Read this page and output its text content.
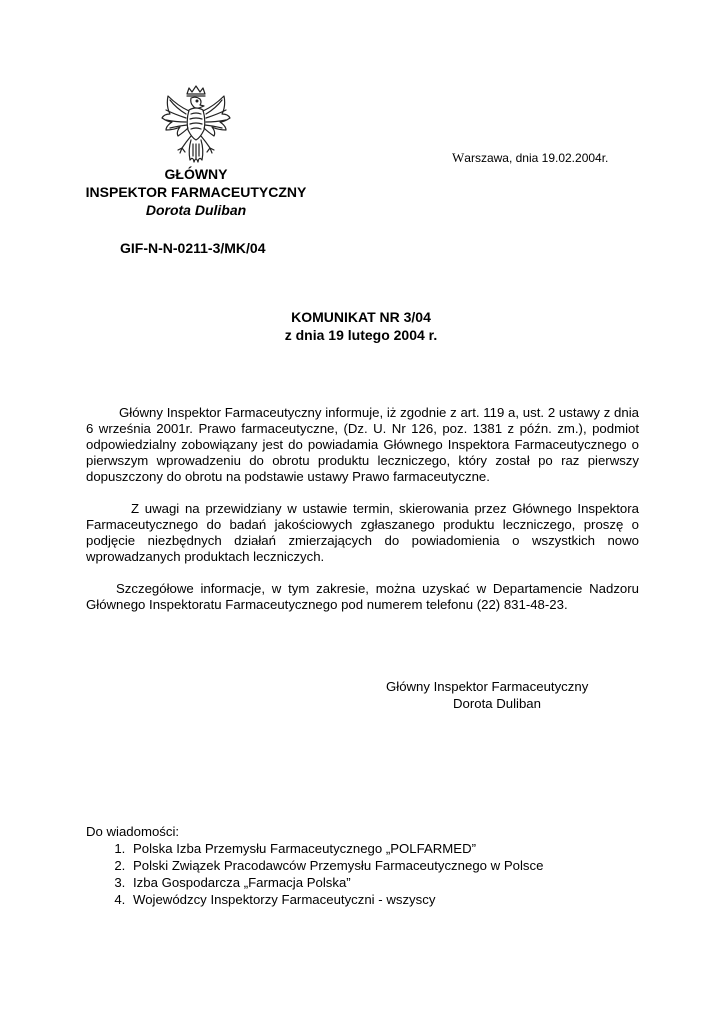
Warszawa, dnia 19.02.2004r.
GŁÓWNY
INSPEKTOR FARMACEUTYCZNY
Dorota Duliban
GIF-N-N-0211-3/MK/04
KOMUNIKAT NR 3/04
z dnia 19 lutego 2004 r.

Główny Inspektor Farmaceutyczny informuje, iż zgodnie z art. 119 a, ust. 2 ustawy z dnia 6 września 2001r. Prawo farmaceutyczne, (Dz. U. Nr 126, poz. 1381 z późn. zm.), podmiot odpowiedzialny zobowiązany jest do powiadamia Głównego Inspektora Farmaceutycznego o pierwszym wprowadzeniu do obrotu produktu leczniczego, który został po raz pierwszy dopuszczony do obrotu na podstawie ustawy Prawo farmaceutyczne.

Z uwagi na przewidziany w ustawie termin, skierowania przez Głównego Inspektora Farmaceutycznego do badań jakościowych zgłaszanego produktu leczniczego, proszę o podjęcie niezbędnych działań zmierzających do powiadomienia o wszystkich nowo wprowadzanych produktach leczniczych.

Szczegółowe informacje, w tym zakresie, można uzyskać w Departamencie Nadzoru Głównego Inspektoratu Farmaceutycznego pod numerem telefonu (22) 831-48-23.

Główny Inspektor Farmaceutyczny
Dorota Duliban
Do wiadomości:
1. Polska Izba Przemysłu Farmaceutycznego „POLFARMED”
2. Polski Związek Pracodawców Przemysłu Farmaceutycznego w Polsce
3. Izba Gospodarcza „Farmacja Polska”
4. Wojewódzcy Inspektorzy Farmaceutyczni - wszyscy
